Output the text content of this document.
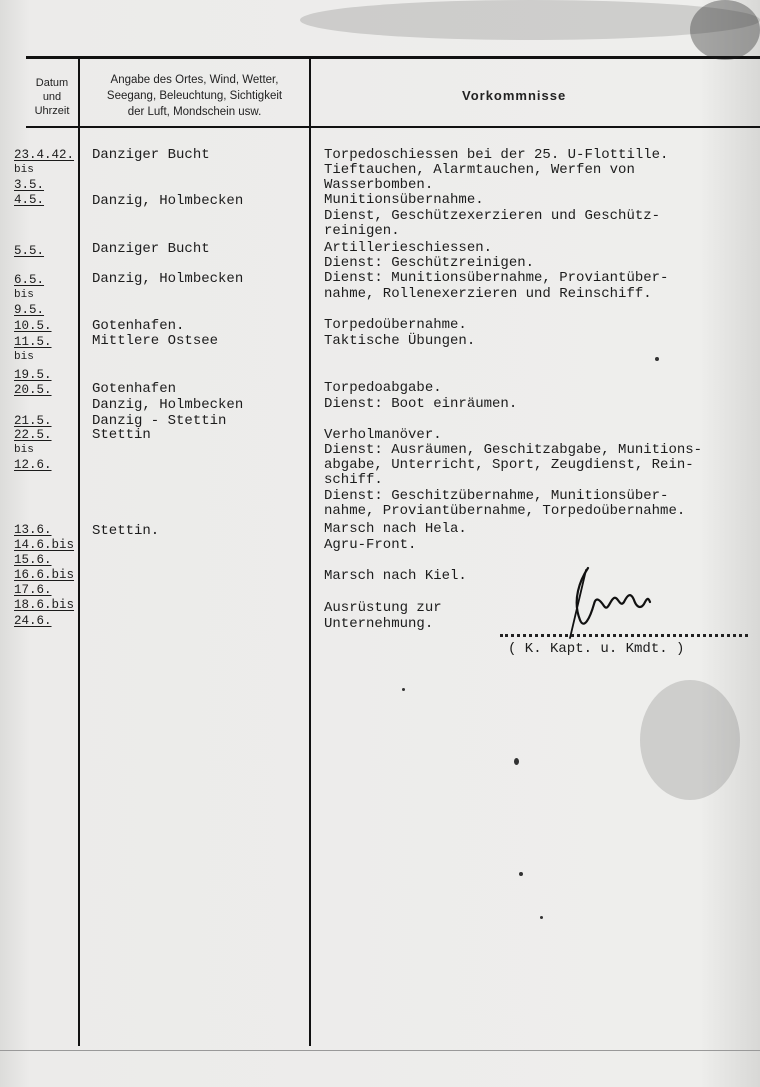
Datum
und
Uhrzeit
Angabe des Ortes, Wind, Wetter,
Seegang, Beleuchtung, Sichtigkeit
der Luft, Mondschein usw.
Vorkommnisse

23.4.42.
bis

3.5.

4.5.

5.5.

6.5.
bis

9.5.

10.5.

11.5.
bis

19.5.

20.5.

21.5.

22.5.
bis

12.6.

13.6.

14.6.bis

15.6.

16.6.bis

17.6.

18.6.bis

24.6.

Danziger Bucht
Danzig, Holmbecken
Danziger Bucht
Danzig, Holmbecken
Gotenhafen.
Mittlere Ostsee
Gotenhafen
Danzig, Holmbecken
Danzig - Stettin
Stettin
Stettin.
Torpedoschiessen bei der 25. U-Flottille.
Tieftauchen, Alarmtauchen, Werfen von
Wasserbomben.
Munitionsübernahme.
Dienst, Geschützexerzieren und Geschütz-
reinigen.
Artillerieschiessen.
Dienst: Geschützreinigen.
Dienst: Munitionsübernahme, Proviantüber-
nahme, Rollenexerzieren und Reinschiff.
Torpedoübernahme.
Taktische Übungen.
Torpedoabgabe.
Dienst: Boot einräumen.
Verholmanöver.
Dienst: Ausräumen, Geschitzabgabe, Munitions-
abgabe, Unterricht, Sport, Zeugdienst, Rein-
schiff.
Dienst: Geschitzübernahme, Munitionsüber-
nahme, Proviantübernahme, Torpedoübernahme.
Marsch nach Hela.
Agru-Front.
Marsch nach Kiel.
Ausrüstung zur
Unternehmung.
( K. Kapt. u. Kmdt. )
